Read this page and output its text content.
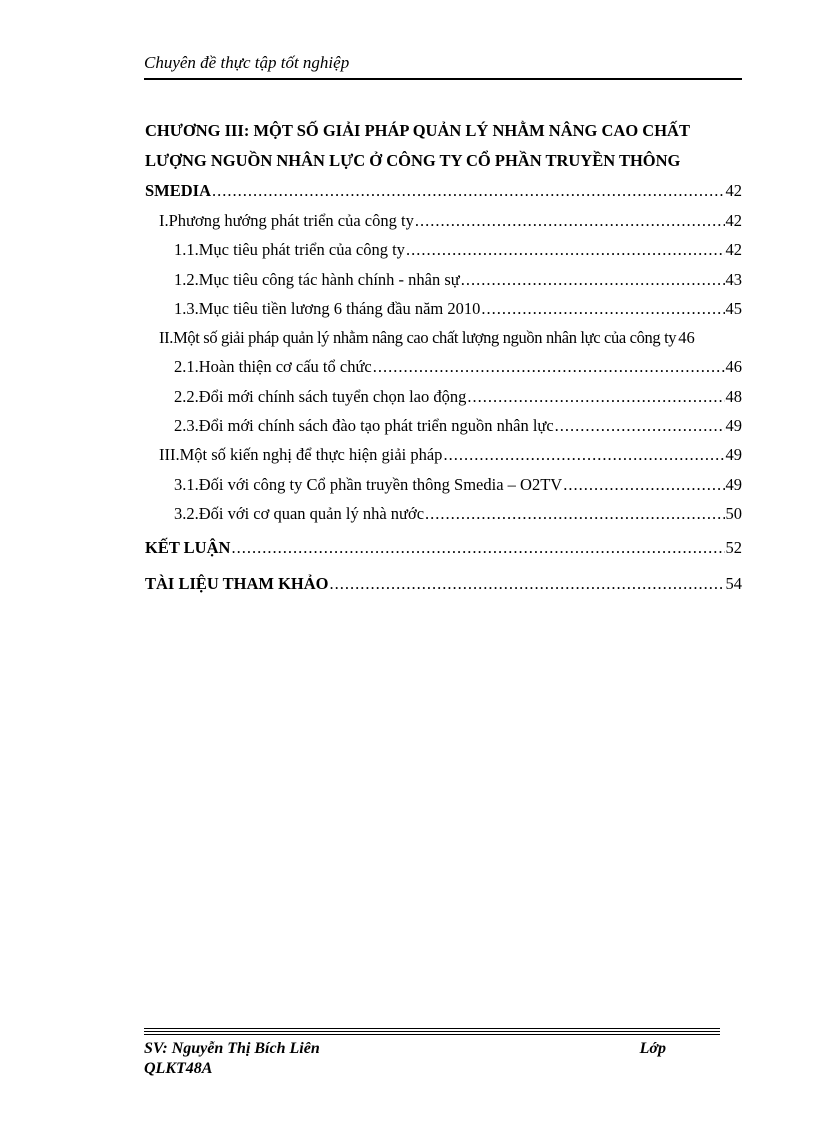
Chuyên đề thực tập tốt nghiệp
CHƯƠNG III: MỘT SỐ GIẢI PHÁP QUẢN LÝ NHẰM NÂNG CAO CHẤT
LƯỢNG NGUỒN NHÂN LỰC Ở CÔNG TY CỔ PHẦN TRUYỀN THÔNG
SMEDIA .....	42
I.Phương hướng phát triển của công ty .....	42
1.1.Mục tiêu phát triển của công ty .....	42
1.2.Mục tiêu công tác hành chính - nhân sự .....	43
1.3.Mục tiêu tiền lương 6 tháng đầu năm 2010 .....	45
II.Một số giải pháp quản lý nhằm nâng cao chất lượng nguồn nhân lực của công ty 46
2.1.Hoàn thiện cơ cấu tổ chức .....	46
2.2.Đổi mới chính sách tuyển chọn lao động .....	48
2.3.Đổi mới chính sách đào tạo phát triển nguồn nhân lực .....	49
III.Một số kiến nghị để thực hiện giải pháp .....	49
3.1.Đối với công ty Cổ phần truyền thông Smedia – O2TV .....	49
3.2.Đối với cơ quan quản lý nhà nước .....	50
KẾT LUẬN .....	52
TÀI LIỆU THAM KHẢO .....	54
SV: Nguyễn Thị Bích Liên	Lớp
QLKT48A
